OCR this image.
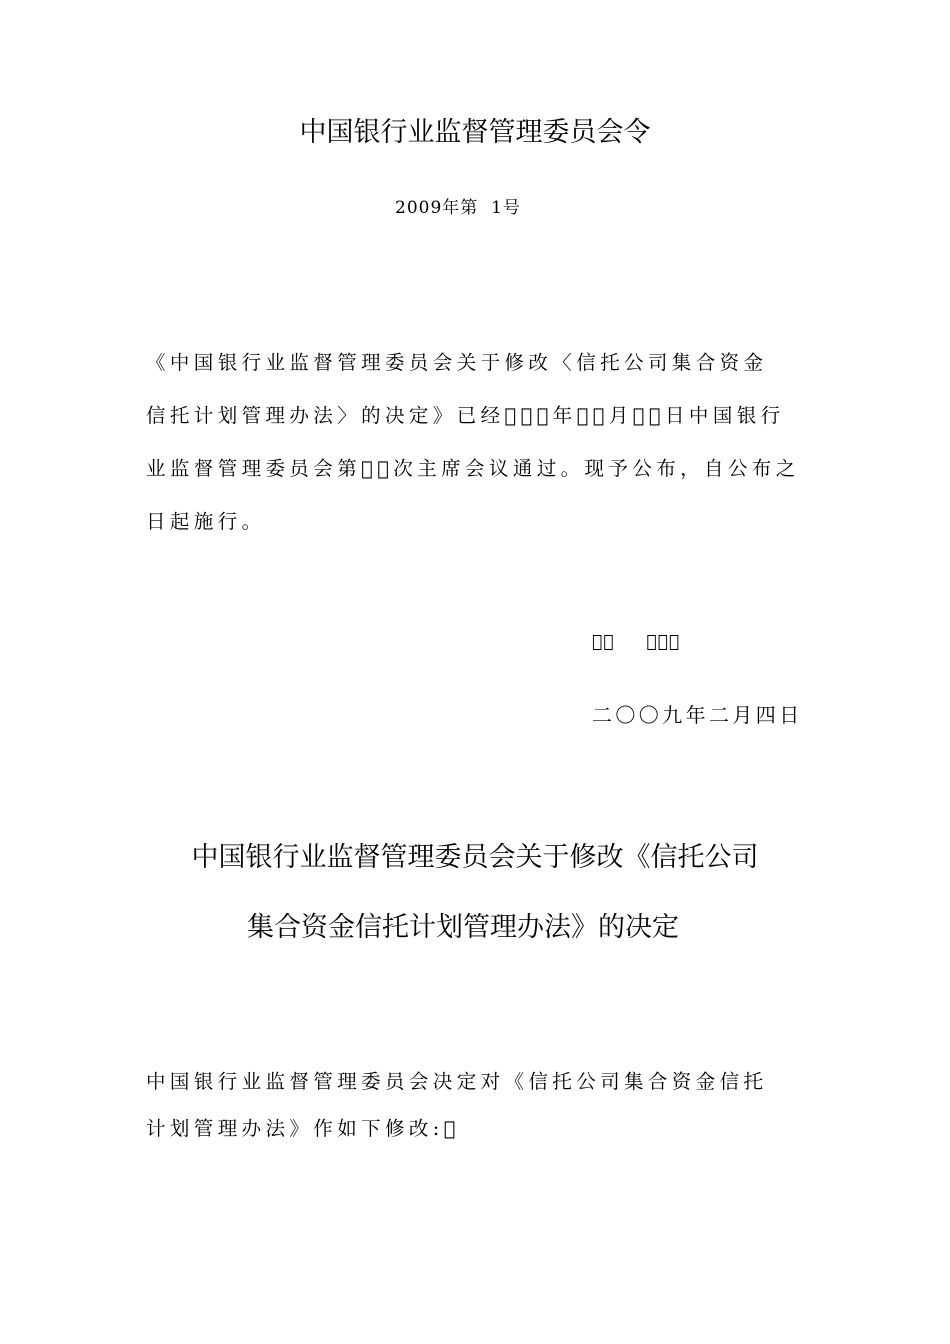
中国银行业监督管理委员会令
2009年第  1号

《中国银行业监督管理委员会关于修改〈信托公司集合资金
信托计划管理办法〉的决定》已经   年  月  日中国银行
业监督管理委员会第  次主席会议通过。现予公布，自公布之
日起施行。

          
二〇〇九年二月四日
中国银行业监督管理委员会关于修改《信托公司
集合资金信托计划管理办法》的决定

中国银行业监督管理委员会决定对《信托公司集合资金信托
计划管理办法》作如下修改: 
